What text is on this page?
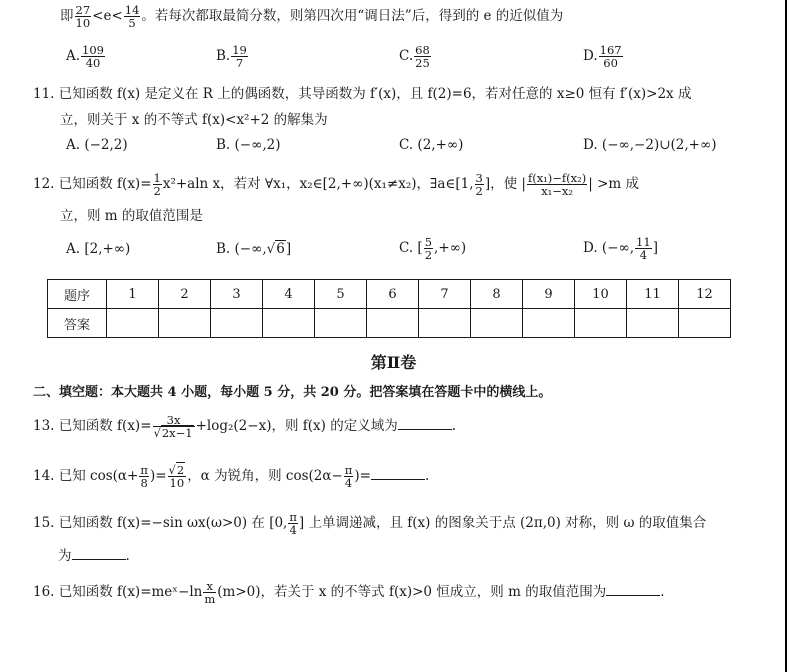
即 $\frac{27}{10} <e< \frac{14}{5}$ 。若每次都取最简分数，则第四次用“调日法”后，得到的 e 的近似值为
A. $\frac{109}{40}$	B. $\frac{19}{7}$	C. $\frac{68}{25}$	D. $\frac{167}{60}$
11. 已知函数 f(x) 是定义在 R 上的偶函数，其导函数为 f′(x)，且 f(2)=6，若对任意的 x≥0 恒有 f′(x)>2x 成
立，则关于 x 的不等式 f(x)<x²+2 的解集为
A. (−2,2)	B. (−∞,2)	C. (2,+∞)	D. (−∞,−2)∪(2,+∞)
12. 已知函数 $f(x)= \frac{1}{2} x^2+aln$ x，若对 ∀x₁，x₂∈[2,+∞)(x₁≠x₂)，∃a∈[1, $\frac{3}{2}$ ]，使 | $\frac{\text{f(x₁)−f(x₂)}}{\text{x₁−x₂}}$ | >m 成
立，则 m 的取值范围是
A. [2,+∞)	B. (−∞,√6]	C. [ $\frac{5}{2}$ ,+∞)	D. (−∞, $\frac{11}{4}$ ]
题序	1	2	3	4	5	6	7	8	9	10	11	12
答案												
第Ⅱ卷
二、填空题：本大题共 4 小题，每小题 5 分，共 20 分。把答案填在答题卡中的横线上。
13. 已知函数 $f(x)= \frac{3x}{√2x-1} +\log_2(2-x)$，则 f(x) 的定义域为	.
14. 已知 $\cos(\alpha+ \frac{\pi}{8}$ )= $\frac{√2}{10}$ ，α 为锐角，则 $\cos(2\alpha- \frac{\pi}{4}$ )=	.
15. 已知函数 f(x)=−sin ωx(ω>0) 在 [0, $\frac{\pi}{4}$ ] 上单调递减，且 f(x) 的图象关于点 (2π,0) 对称，则 ω 的取值集合
为	.
16. 已知函数 f(x)=meˣ−ln $\frac{x}{m} (m>0)$，若关于 x 的不等式 f(x)>0 恒成立，则 m 的取值范围为	.
